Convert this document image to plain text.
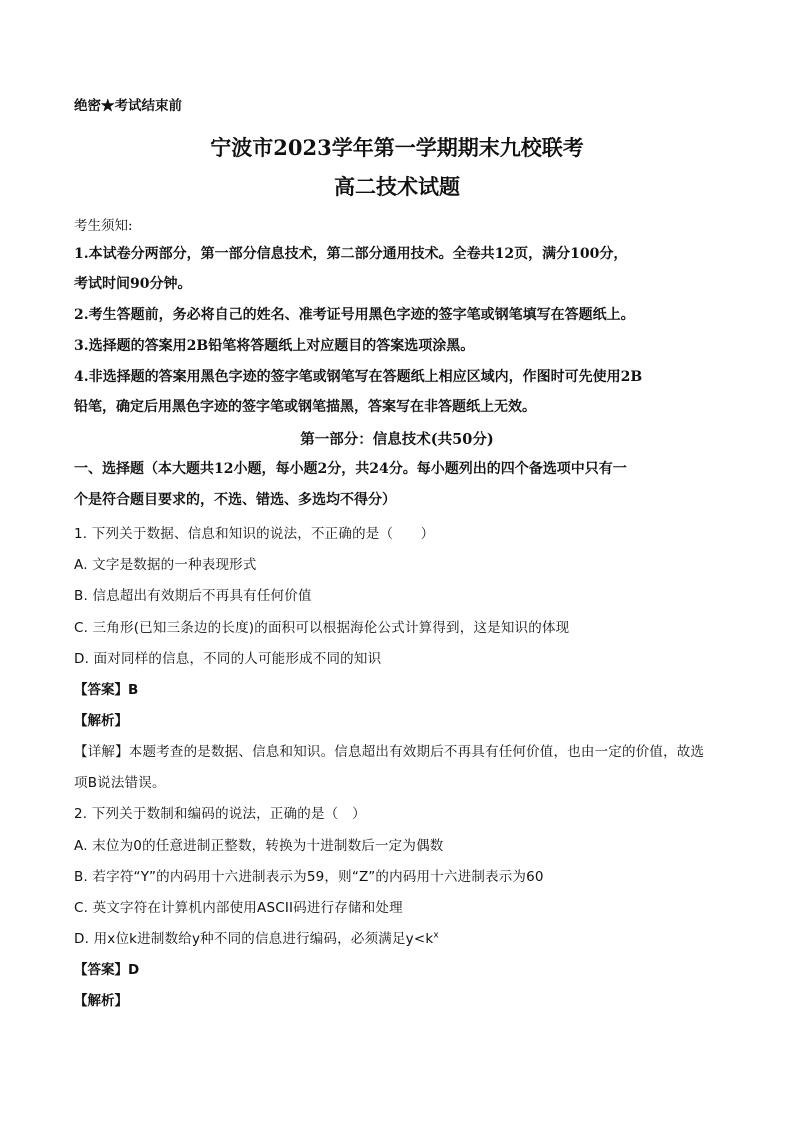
绝密★考试结束前
宁波市2023学年第一学期期末九校联考
高二技术试题
考生须知:
1.本试卷分两部分，第一部分信息技术，第二部分通用技术。全卷共12页，满分100分，
考试时间90分钟。
2.考生答题前，务必将自己的姓名、准考证号用黑色字迹的签字笔或钢笔填写在答题纸上。
3.选择题的答案用2B铅笔将答题纸上对应题目的答案选项涂黑。
4.非选择题的答案用黑色字迹的签字笔或钢笔写在答题纸上相应区域内，作图时可先使用2B
铅笔，确定后用黑色字迹的签字笔或钢笔描黑，答案写在非答题纸上无效。
第一部分：信息技术(共50分)
一、选择题（本大题共12小题，每小题2分，共24分。每小题列出的四个备选项中只有一
个是符合题目要求的，不选、错选、多选均不得分）
1. 下列关于数据、信息和知识的说法，不正确的是（　　）
A. 文字是数据的一种表现形式
B. 信息超出有效期后不再具有任何价值
C. 三角形(已知三条边的长度)的面积可以根据海伦公式计算得到，这是知识的体现
D. 面对同样的信息，不同的人可能形成不同的知识
【答案】B
【解析】
【详解】本题考查的是数据、信息和知识。信息超出有效期后不再具有任何价值，也由一定的价值，故选
项B说法错误。
2. 下列关于数制和编码的说法，正确的是（　）
A. 末位为0的任意进制正整数，转换为十进制数后一定为偶数
B. 若字符“Y”的内码用十六进制表示为59，则“Z”的内码用十六进制表示为60
C. 英文字符在计算机内部使用ASCII码进行存储和处理
D. 用x位k进制数给y种不同的信息进行编码，必须满足$y<k^x$
【答案】D
【解析】
